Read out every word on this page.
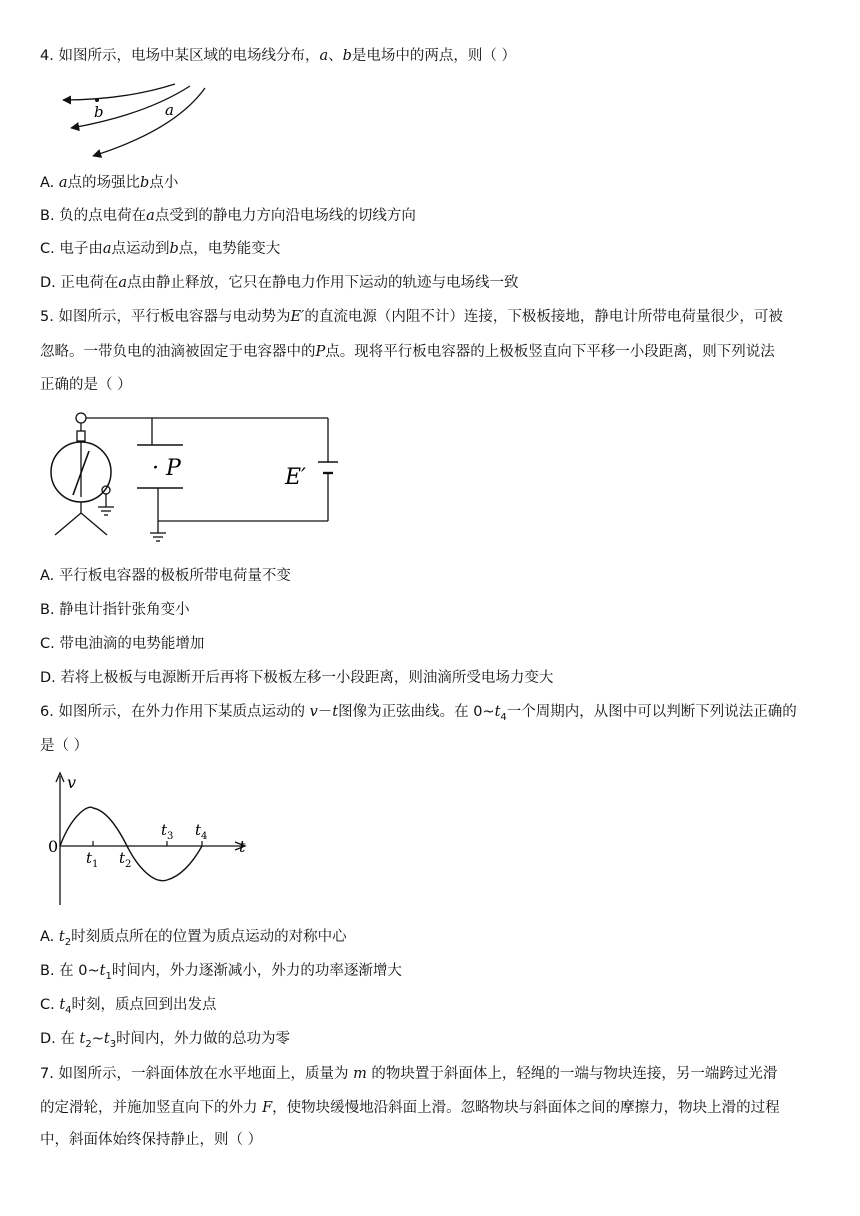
4. 如图所示，电场中某区域的电场线分布，a、b是电场中的两点，则（ ）
b	a
A. a点的场强比b点小
B. 负的点电荷在a点受到的静电力方向沿电场线的切线方向
C. 电子由a点运动到b点，电势能变大
D. 正电荷在a点由静止释放，它只在静电力作用下运动的轨迹与电场线一致
5. 如图所示，平行板电容器与电动势为E′的直流电源（内阻不计）连接，下极板接地，静电计所带电荷量很少，可被
忽略。一带负电的油滴被固定于电容器中的P点。现将平行板电容器的上极板竖直向下平移一小段距离，则下列说法
正确的是（ ）
· P	E′
A. 平行板电容器的极板所带电荷量不变
B. 静电计指针张角变小
C. 带电油滴的电势能增加
D. 若将上极板与电源断开后再将下极板左移一小段距离，则油滴所受电场力变大
6. 如图所示，在外力作用下某质点运动的 v－t图像为正弦曲线。在 $0\sim t_4$一个周期内，从图中可以判断下列说法正确的
是（ ）
v
t
0
$t_1$ $t_2$
$t_3$ $t_4$
A. $t_2$时刻质点所在的位置为质点运动的对称中心
B. 在 $0\sim t_1$时间内，外力逐渐减小，外力的功率逐渐增大
C. $t_4$时刻，质点回到出发点
D. 在 $t_2\sim t_3$时间内，外力做的总功为零
7. 如图所示，一斜面体放在水平地面上，质量为 m 的物块置于斜面体上，轻绳的一端与物块连接，另一端跨过光滑
的定滑轮，并施加竖直向下的外力 F，使物块缓慢地沿斜面上滑。忽略物块与斜面体之间的摩擦力，物块上滑的过程
中，斜面体始终保持静止，则（ ）
